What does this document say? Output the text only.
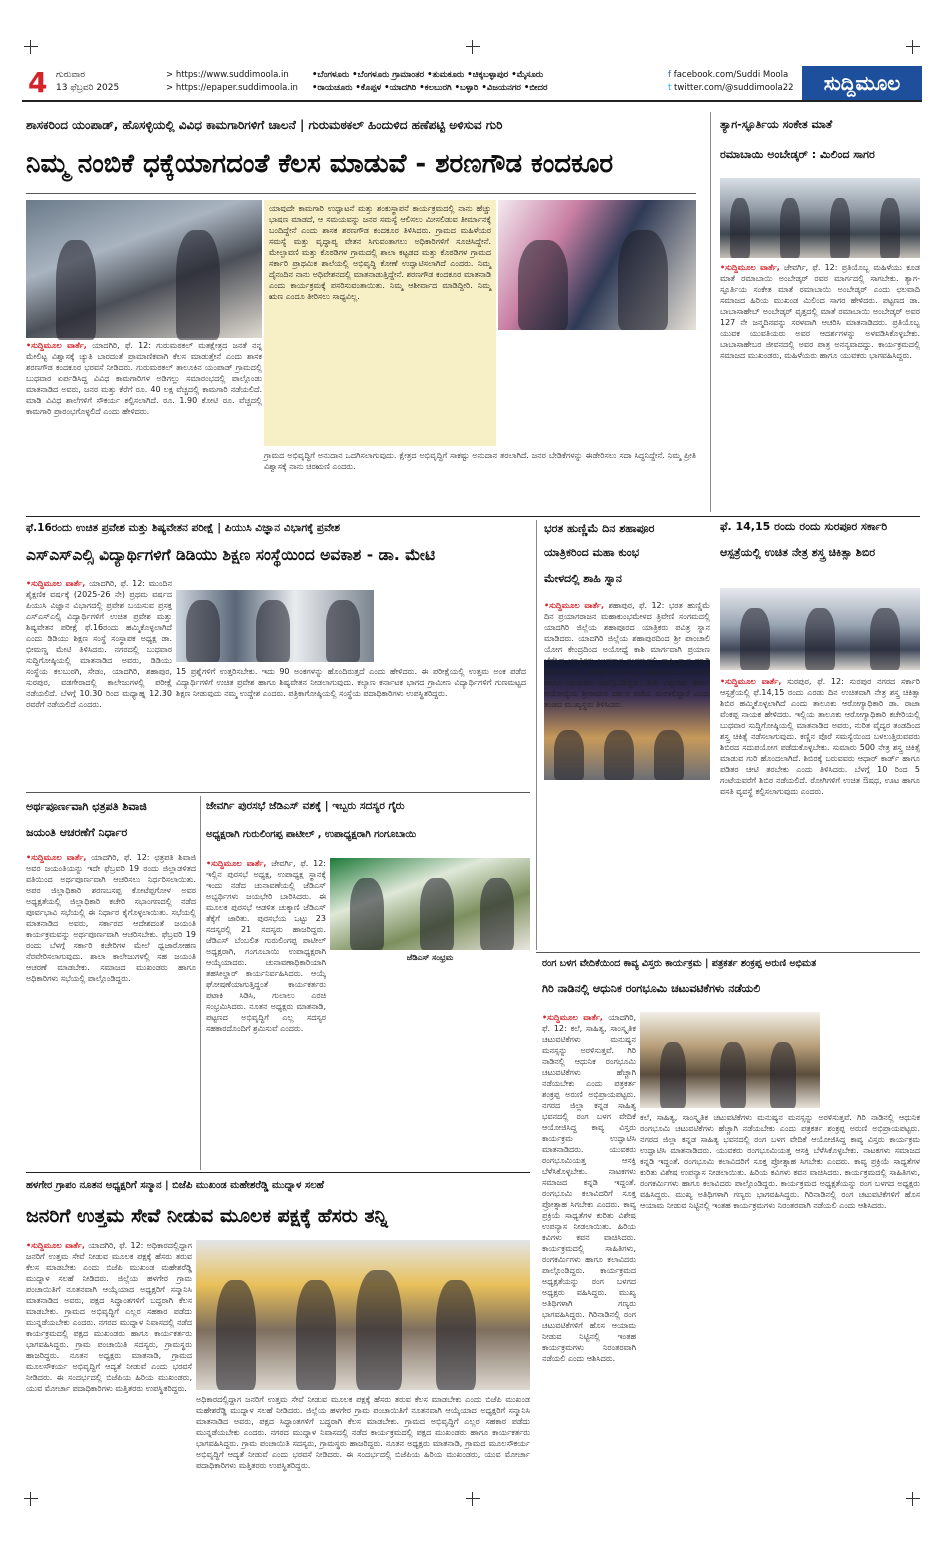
4 ಗುರುವಾರ
13 ಫೆಬ್ರವರಿ 2025
> https://www.suddimoola.in
> https://epaper.suddimoola.in
•ಬೆಂಗಳೂರು •ಬೆಂಗಳೂರು ಗ್ರಾಮಾಂತರ •ತುಮಕೂರು •ಚಿಕ್ಕಬಳ್ಳಾಪುರ •ಮೈಸೂರು
•ರಾಯಚೂರು •ಕೊಪ್ಪಳ •ಯಾದಗಿರಿ •ಕಲಬುರಗಿ •ಬಳ್ಳಾರಿ •ವಿಜಯನಗರ •ಬೀದರ
f facebook.com/Suddi Moola
t twitter.com/@suddimoola22	ಸುದ್ದಿಮೂಲ
ಶಾಸಕರಿಂದ ಯಂಪಾಡ್, ಹೊಸಳ್ಳಿಯಲ್ಲಿ ವಿವಿಧ ಕಾಮಗಾರಿಗಳಿಗೆ ಚಾಲನೆ | ಗುರುಮಠಕಲ್ ಹಿಂದುಳಿದ ಹಣೆಪಟ್ಟಿ ಅಳಿಸುವ ಗುರಿ
ನಿಮ್ಮ ನಂಬಿಕೆ ಧಕ್ಕೆಯಾಗದಂತೆ ಕೆಲಸ ಮಾಡುವೆ - ಶರಣಗೌಡ ಕಂದಕೂರ
ಯಾವುದೇ ಕಾಮಗಾರಿ ಉದ್ಘಾಟನೆ ಮತ್ತು ಶಂಕುಸ್ಥಾಪನೆ ಕಾರ್ಯಕ್ರಮದಲ್ಲಿ ನಾನು ಹೆಚ್ಚು ಭಾಷಣ ಮಾಡದೆ, ಆ ಸಮಯವನ್ನು ಜನರ ಸಮಸ್ಯೆ ಆಲಿಸಲು ಮೀಸಲಿಡುವ ತೀರ್ಮಾನಕ್ಕೆ ಬಂದಿದ್ದೇನೆ ಎಂದು ಶಾಸಕ ಶರಣಗೌಡ ಕಂದಕೂರ ತಿಳಿಸಿದರು. ಗ್ರಾಮದ ಮಹಿಳೆಯರ ಸಮಸ್ಯೆ ಮತ್ತು ವೃದ್ಧಾಪ್ಯ ವೇತನ ಸಿಗುವಂತಾಗಲು ಅಧಿಕಾರಿಗಳಿಗೆ ಸೂಚಿಸಿದ್ದೇನೆ. ಮೇಲ್ಛಾವಣಿ ಮತ್ತು ಕೊಠಡಿಗಳ ಗ್ರಾಮದಲ್ಲಿ ಶಾಲಾ ಕಟ್ಟಡದ ಮತ್ತು ಕೊಠಡಿಗಳ ಗ್ರಾಮದ ಸರ್ಕಾರಿ ಪ್ರಾಥಮಿಕ ಶಾಲೆಯಲ್ಲಿ ಅಭಿವೃದ್ಧಿ ಕೋಣೆ ಉದ್ಘಾಟಿಸಲಾಗಿದೆ ಎಂದರು. ನಿಮ್ಮ ದೈನಂದಿನ ನಾನು ಅಧಿವೇಶನದಲ್ಲಿ ಮಾತನಾಡುತ್ತಿದ್ದೇನೆ. ಶರಣಗೌಡ ಕಂದಕೂರ ಮಾತನಾಡಿ ಎಂದು ಕಾರ್ಯಕ್ರಮಕ್ಕೆ ಪಸರಿಸುವಂತಾಯಿತು. ನಿಮ್ಮ ಆಶೀರ್ವಾದ ಮಾಡಿದ್ದೀರಿ. ನಿಮ್ಮ ಋಣ ಎಂದೂ ತೀರಿಸಲು ಸಾಧ್ಯವಿಲ್ಲ.
•ಸುದ್ದಿಮೂಲ ವಾರ್ತೆ, ಯಾದಗಿರಿ, ಫೆ. 12: ಗುರುಮಠಕಲ್ ಮತಕ್ಷೇತ್ರದ ಜನತೆ ನನ್ನ ಮೇಲಿಟ್ಟ ವಿಶ್ವಾಸಕ್ಕೆ ಚ್ಯುತಿ ಬಾರದಂತೆ ಪ್ರಾಮಾಣಿಕವಾಗಿ ಕೆಲಸ ಮಾಡುತ್ತೇನೆ ಎಂದು ಶಾಸಕ ಶರಣಗೌಡ ಕಂದಕೂರ ಭರವಸೆ ನೀಡಿದರು. ಗುರುಮಠಕಲ್ ತಾಲೂಕಿನ ಯಂಪಾಡ್ ಗ್ರಾಮದಲ್ಲಿ ಬುಧವಾರ ಏರ್ಪಡಿಸಿದ್ದ ವಿವಿಧ ಕಾಮಗಾರಿಗಳ ಅಡಿಗಲ್ಲು ಸಮಾರಂಭದಲ್ಲಿ ಪಾಲ್ಗೊಂಡು ಮಾತನಾಡಿದ ಅವರು, ಜನರ ಮತ್ತು ಕೆರೆಗೆ ರೂ. 40 ಲಕ್ಷ ವೆಚ್ಚದಲ್ಲಿ ಕಾಮಗಾರಿ ನಡೆಯಲಿದೆ. ಮಾಡಿ ವಿವಿಧ ಶಾಲೆಗಳಿಗೆ ಸೌಕರ್ಯ ಕಲ್ಪಿಸಲಾಗಿದೆ. ರೂ. 1.90 ಕೋಟಿ ರೂ. ವೆಚ್ಚದಲ್ಲಿ ಕಾಮಗಾರಿ ಪ್ರಾರಂಭಗೊಳ್ಳಲಿದೆ ಎಂದು ಹೇಳಿದರು.
ಗ್ರಾಮದ ಅಭಿವೃದ್ಧಿಗೆ ಅನುದಾನ ಒದಗಿಸಲಾಗುವುದು. ಕ್ಷೇತ್ರದ ಅಭಿವೃದ್ಧಿಗೆ ಸಾಕಷ್ಟು ಅನುದಾನ ತರಲಾಗಿದೆ. ಜನರ ಬೇಡಿಕೆಗಳನ್ನು ಈಡೇರಿಸಲು ಸದಾ ಸಿದ್ಧನಿದ್ದೇನೆ. ನಿಮ್ಮ ಪ್ರೀತಿ ವಿಶ್ವಾಸಕ್ಕೆ ನಾನು ಚಿರಋಣಿ ಎಂದರು.
ತ್ಯಾಗ-ಸ್ಫೂರ್ತಿಯ ಸಂಕೇತ ಮಾತೆ
ರಮಾಬಾಯಿ ಅಂಬೇಡ್ಕರ್ : ಮಿಲಿಂದ ಸಾಗರ
•ಸುದ್ದಿಮೂಲ ವಾರ್ತೆ, ಜೇವರ್ಗಿ, ಫೆ. 12: ಪ್ರತಿಯೊಬ್ಬ ಮಹಿಳೆಯು ಕೂಡ ಮಾತೆ ರಮಾಬಾಯಿ ಅಂಬೇಡ್ಕರ್ ರವರ ಮಾರ್ಗದಲ್ಲಿ ಸಾಗಬೇಕು. ತ್ಯಾಗ-ಸ್ಫೂರ್ತಿಯ ಸಂಕೇತ ಮಾತೆ ರಮಾಬಾಯಿ ಅಂಬೇಡ್ಕರ್ ಎಂದು ಛಲವಾದಿ ಸಮಾಜದ ಹಿರಿಯ ಮುಖಂಡ ಮಿಲಿಂದ ಸಾಗರ ಹೇಳಿದರು. ಪಟ್ಟಣದ ಡಾ. ಬಾಬಾಸಾಹೇಬ್ ಅಂಬೇಡ್ಕರ್ ವೃತ್ತದಲ್ಲಿ ಮಾತೆ ರಮಾಬಾಯಿ ಅಂಬೇಡ್ಕರ್ ಅವರ 127 ನೇ ಜನ್ಮದಿನವನ್ನು ಸರಳವಾಗಿ ಆಚರಿಸಿ ಮಾತನಾಡಿದರು. ಪ್ರತಿಯೊಬ್ಬ ಯುವಕ ಯುವತಿಯರು ಅವರ ಆದರ್ಶಗಳನ್ನು ಅಳವಡಿಸಿಕೊಳ್ಳಬೇಕು. ಬಾಬಾಸಾಹೇಬರ ಜೀವನದಲ್ಲಿ ಅವರ ಪಾತ್ರ ಅನನ್ಯವಾದದ್ದು. ಕಾರ್ಯಕ್ರಮದಲ್ಲಿ ಸಮಾಜದ ಮುಖಂಡರು, ಮಹಿಳೆಯರು ಹಾಗೂ ಯುವಕರು ಭಾಗವಹಿಸಿದ್ದರು.
ಫೆ.16ರಂದು ಉಚಿತ ಪ್ರವೇಶ ಮತ್ತು ಶಿಷ್ಯವೇತನ ಪರೀಕ್ಷೆ | ಪಿಯುಸಿ ವಿಜ್ಞಾನ ವಿಭಾಗಕ್ಕೆ ಪ್ರವೇಶ
ಎಸ್ಎಸ್ಎಲ್ಸಿ ವಿದ್ಯಾರ್ಥಿಗಳಿಗೆ ಡಿಡಿಯು ಶಿಕ್ಷಣ ಸಂಸ್ಥೆಯಿಂದ ಅವಕಾಶ - ಡಾ. ಮೇಟಿ
•ಸುದ್ದಿಮೂಲ ವಾರ್ತೆ, ಯಾದಗಿರಿ, ಫೆ. 12: ಮುಂದಿನ ಶೈಕ್ಷಣಿಕ ವರ್ಷಕ್ಕೆ (2025-26 ನೇ) ಪ್ರಥಮ ವರ್ಷದ ಪಿಯುಸಿ ವಿಜ್ಞಾನ ವಿಭಾಗದಲ್ಲಿ ಪ್ರವೇಶ ಬಯಸುವ ಪ್ರಸಕ್ತ ಎಸ್ಎಸ್ಎಲ್ಸಿ ವಿದ್ಯಾರ್ಥಿಗಳಿಗೆ ಉಚಿತ ಪ್ರವೇಶ ಮತ್ತು ಶಿಷ್ಯವೇತನ ಪರೀಕ್ಷೆ ಫೆ.16ರಂದು ಹಮ್ಮಿಕೊಳ್ಳಲಾಗಿದೆ ಎಂದು ಡಿಡಿಯು ಶಿಕ್ಷಣ ಸಂಸ್ಥೆ ಸಂಸ್ಥಾಪಕ ಅಧ್ಯಕ್ಷ ಡಾ. ಭೀಮಣ್ಣ ಮೇಟಿ ತಿಳಿಸಿದರು. ನಗರದಲ್ಲಿ ಬುಧವಾರ ಸುದ್ದಿಗೋಷ್ಠಿಯಲ್ಲಿ ಮಾತನಾಡಿದ ಅವರು, ಡಿಡಿಯು ಸಂಸ್ಥೆಯ ಕಲಬುರಗಿ, ಸೇಡಂ, ಯಾದಗಿರಿ, ಶಹಾಪುರ, ಸುರಪುರ, ವಡಗೇರಾದಲ್ಲಿ ಕಾಲೇಜುಗಳಲ್ಲಿ ಪರೀಕ್ಷೆ ನಡೆಯಲಿದೆ. ಬೆಳಗ್ಗೆ 10.30 ರಿಂದ ಮಧ್ಯಾಹ್ನ 12.30 ರವರೆಗೆ ನಡೆಯಲಿದೆ ಎಂದರು.
15 ಪ್ರಶ್ನೆಗಳಿಗೆ ಉತ್ತರಿಸಬೇಕು. ಇದು 90 ಅಂಕಗಳನ್ನು ಹೊಂದಿರುತ್ತದೆ ಎಂದು ಹೇಳಿದರು. ಈ ಪರೀಕ್ಷೆಯಲ್ಲಿ ಉತ್ತಮ ಅಂಕ ಪಡೆದ ವಿದ್ಯಾರ್ಥಿಗಳಿಗೆ ಉಚಿತ ಪ್ರವೇಶ ಹಾಗೂ ಶಿಷ್ಯವೇತನ ನೀಡಲಾಗುವುದು. ಕಲ್ಯಾಣ ಕರ್ನಾಟಕ ಭಾಗದ ಗ್ರಾಮೀಣ ವಿದ್ಯಾರ್ಥಿಗಳಿಗೆ ಗುಣಮಟ್ಟದ ಶಿಕ್ಷಣ ನೀಡುವುದು ನಮ್ಮ ಉದ್ದೇಶ ಎಂದರು. ಪತ್ರಿಕಾಗೋಷ್ಠಿಯಲ್ಲಿ ಸಂಸ್ಥೆಯ ಪದಾಧಿಕಾರಿಗಳು ಉಪಸ್ಥಿತರಿದ್ದರು.
ಭರತ ಹುಣ್ಣಿಮೆ ದಿನ ಶಹಾಪೂರ
ಯಾತ್ರಿಕರಿಂದ ಮಹಾ ಕುಂಭ
ಮೇಳದಲ್ಲಿ ಶಾಹಿ ಸ್ನಾನ
•ಸುದ್ದಿಮೂಲ ವಾರ್ತೆ, ಶಹಾಪುರ, ಫೆ. 12: ಭರತ ಹುಣ್ಣಿಮೆ ದಿನ ಪ್ರಯಾಗರಾಜನ ಮಹಾಕುಂಭಮೇಳದ ತ್ರಿವೇಣಿ ಸಂಗಮದಲ್ಲಿ ಯಾದಗಿರಿ ಜಿಲ್ಲೆಯ ಶಹಾಪೂರದ ಯಾತ್ರಿಕರು ಪವಿತ್ರ ಸ್ನಾನ ಮಾಡಿದರು. ಯಾದಗಿರಿ ಜಿಲ್ಲೆಯ ಶಹಾಪುರದಿಂದ ಶ್ರೀ ಪಾಂಚಾಲಿ ಯೋಗ ಕೇಂದ್ರದಿಂದ ಅಯೋಧ್ಯೆ ಕಾಶಿ ಮಾರ್ಗವಾಗಿ ಪ್ರಯಾಣ ಬೆಳೆಸಿದ ಯಾತ್ರಿಕರು ಬುಧವಾರ ಸಂಗಮದಲ್ಲಿ ಶಾಹಿ ಸ್ನಾನ ಮಾಡಿ ಪುನೀತರಾದರು. ಯಾತ್ರಿಕರ ತಂಡದಲ್ಲಿ ಮಹಿಳೆಯರು, ಹಿರಿಯರು ಹಾಗೂ ಯುವಕರು ಪಾಲ್ಗೊಂಡಿದ್ದರು. ಕಾಶಿ ವಿಶ್ವನಾಥ ಹಾಗೂ ಅಯೋಧ್ಯೆಯ ಶ್ರೀರಾಮನ ದರ್ಶನ ಪಡೆದು ಮರಳಲಿದ್ದಾರೆ ಎಂದು ತಂಡದ ಮುಖ್ಯಸ್ಥರು ತಿಳಿಸಿದರು.
ಫೆ. 14,15 ರಂದು ರಂದು ಸುರಪೂರ ಸರ್ಕಾರಿ
ಆಸ್ಪತ್ರೆಯಲ್ಲಿ ಉಚಿತ ನೇತ್ರ ಶಸ್ತ್ರ ಚಿಕಿತ್ಸಾ ಶಿಬಿರ
•ಸುದ್ದಿಮೂಲ ವಾರ್ತೆ, ಸುರಪುರ, ಫೆ. 12: ಸುರಪುರ ನಗರದ ಸರ್ಕಾರಿ ಆಸ್ಪತ್ರೆಯಲ್ಲಿ ಫೆ.14,15 ರಂದು ಎರಡು ದಿನ ಉಚಿತವಾಗಿ ನೇತ್ರ ಶಸ್ತ್ರ ಚಿಕಿತ್ಸಾ ಶಿಬಿರ ಹಮ್ಮಿಕೊಳ್ಳಲಾಗಿದೆ ಎಂದು ತಾಲೂಕು ಆರೋಗ್ಯಾಧಿಕಾರಿ ಡಾ. ರಾಜಾ ವೆಂಕಪ್ಪ ನಾಯಕ ಹೇಳಿದರು. ಇಲ್ಲಿಯ ತಾಲೂಕು ಆರೋಗ್ಯಾಧಿಕಾರಿ ಕಚೇರಿಯಲ್ಲಿ ಬುಧವಾರ ಸುದ್ದಿಗೋಷ್ಠಿಯಲ್ಲಿ ಮಾತನಾಡಿದ ಅವರು, ನುರಿತ ವೈದ್ಯರ ತಂಡದಿಂದ ಶಸ್ತ್ರ ಚಿಕಿತ್ಸೆ ನಡೆಸಲಾಗುವುದು. ಕಣ್ಣಿನ ಪೊರೆ ಸಮಸ್ಯೆಯಿಂದ ಬಳಲುತ್ತಿರುವವರು ಶಿಬಿರದ ಸದುಪಯೋಗ ಪಡೆದುಕೊಳ್ಳಬೇಕು. ಸುಮಾರು 500 ನೇತ್ರ ಶಸ್ತ್ರ ಚಿಕಿತ್ಸೆ ಮಾಡುವ ಗುರಿ ಹೊಂದಲಾಗಿದೆ. ಶಿಬಿರಕ್ಕೆ ಬರುವವರು ಆಧಾರ್ ಕಾರ್ಡ್ ಹಾಗೂ ಪಡಿತರ ಚೀಟಿ ತರಬೇಕು ಎಂದು ತಿಳಿಸಿದರು. ಬೆಳಗ್ಗೆ 10 ರಿಂದ 5 ಗಂಟೆಯವರೆಗೆ ಶಿಬಿರ ನಡೆಯಲಿದೆ. ರೋಗಿಗಳಿಗೆ ಉಚಿತ ಔಷಧ, ಊಟ ಹಾಗೂ ವಸತಿ ವ್ಯವಸ್ಥೆ ಕಲ್ಪಿಸಲಾಗುವುದು ಎಂದರು.
ಅರ್ಥಪೂರ್ಣವಾಗಿ ಛತ್ರಪತಿ ಶಿವಾಜಿ
ಜಯಂತಿ ಆಚರಣೆಗೆ ನಿರ್ಧಾರ
•ಸುದ್ದಿಮೂಲ ವಾರ್ತೆ, ಯಾದಗಿರಿ, ಫೆ. 12: ಛತ್ರಪತಿ ಶಿವಾಜಿ ಅವರ ಜಯಂತಿಯನ್ನು ಇದೇ ಫೆಬ್ರವರಿ 19 ರಂದು ಜಿಲ್ಲಾಡಳಿತದ ವತಿಯಿಂದ ಅರ್ಥಪೂರ್ಣವಾಗಿ ಆಚರಿಸಲು ನಿರ್ಧರಿಸಲಾಯಿತು. ಅಪರ ಜಿಲ್ಲಾಧಿಕಾರಿ ಶರಣಬಸಪ್ಪ ಕೋಟೆಪ್ಪಗೋಳ ಅವರ ಅಧ್ಯಕ್ಷತೆಯಲ್ಲಿ ಜಿಲ್ಲಾಧಿಕಾರಿ ಕಚೇರಿ ಸಭಾಂಗಣದಲ್ಲಿ ನಡೆದ ಪೂರ್ವಭಾವಿ ಸಭೆಯಲ್ಲಿ ಈ ನಿರ್ಧಾರ ಕೈಗೊಳ್ಳಲಾಯಿತು. ಸಭೆಯಲ್ಲಿ ಮಾತನಾಡಿದ ಅವರು, ಸರ್ಕಾರದ ಆದೇಶದಂತೆ ಜಯಂತಿ ಕಾರ್ಯಕ್ರಮವನ್ನು ಅರ್ಥಪೂರ್ಣವಾಗಿ ಆಚರಿಸಬೇಕು. ಫೆಬ್ರವರಿ 19 ರಂದು ಬೆಳಗ್ಗೆ ಸರ್ಕಾರಿ ಕಚೇರಿಗಳ ಮೇಲೆ ಧ್ವಜಾರೋಹಣ ನೆರವೇರಿಸಲಾಗುವುದು. ಶಾಲಾ ಕಾಲೇಜುಗಳಲ್ಲಿ ಸಹ ಜಯಂತಿ ಆಚರಣೆ ಮಾಡಬೇಕು. ಸಮಾಜದ ಮುಖಂಡರು ಹಾಗೂ ಅಧಿಕಾರಿಗಳು ಸಭೆಯಲ್ಲಿ ಪಾಲ್ಗೊಂಡಿದ್ದರು.
ಜೇವರ್ಗಿ ಪುರಸಭೆ ಜೆಡಿಎಸ್ ವಶಕ್ಕೆ | ಇಬ್ಬರು ಸದಸ್ಯರ ಗೈರು
ಅಧ್ಯಕ್ಷರಾಗಿ ಗುರುಲಿಂಗಪ್ಪ ಪಾಟೀಲ್ , ಉಪಾಧ್ಯಕ್ಷರಾಗಿ ಗಂಗೂಬಾಯಿ
ಜೆಡಿಎಸ್ ಸಂಭ್ರಮ
•ಸುದ್ದಿಮೂಲ ವಾರ್ತೆ, ಜೇವರ್ಗಿ, ಫೆ. 12: ಇಲ್ಲಿನ ಪುರಸಭೆ ಅಧ್ಯಕ್ಷ, ಉಪಾಧ್ಯಕ್ಷ ಸ್ಥಾನಕ್ಕೆ ಇಂದು ನಡೆದ ಚುನಾವಣೆಯಲ್ಲಿ ಜೆಡಿಎಸ್ ಅಭ್ಯರ್ಥಿಗಳು ಜಯಭೇರಿ ಬಾರಿಸಿದರು. ಈ ಮೂಲಕ ಪುರಸಭೆ ಆಡಳಿತ ಚುಕ್ಕಾಣಿ ಜೆಡಿಎಸ್ ತೆಕ್ಕೆಗೆ ಜಾರಿತು. ಪುರಸಭೆಯ ಒಟ್ಟು 23 ಸದಸ್ಯರಲ್ಲಿ 21 ಸದಸ್ಯರು ಹಾಜರಿದ್ದರು. ಜೆಡಿಎಸ್ ಬೆಂಬಲಿತ ಗುರುಲಿಂಗಪ್ಪ ಪಾಟೀಲ್ ಅಧ್ಯಕ್ಷರಾಗಿ, ಗಂಗೂಬಾಯಿ ಉಪಾಧ್ಯಕ್ಷರಾಗಿ ಆಯ್ಕೆಯಾದರು. ಚುನಾವಣಾಧಿಕಾರಿಯಾಗಿ ತಹಸೀಲ್ದಾರ್ ಕಾರ್ಯನಿರ್ವಹಿಸಿದರು. ಆಯ್ಕೆ ಘೋಷಣೆಯಾಗುತ್ತಿದ್ದಂತೆ ಕಾರ್ಯಕರ್ತರು ಪಟಾಕಿ ಸಿಡಿಸಿ, ಗುಲಾಲು ಎರಚಿ ಸಂಭ್ರಮಿಸಿದರು. ನೂತನ ಅಧ್ಯಕ್ಷರು ಮಾತನಾಡಿ, ಪಟ್ಟಣದ ಅಭಿವೃದ್ಧಿಗೆ ಎಲ್ಲ ಸದಸ್ಯರ ಸಹಕಾರದೊಂದಿಗೆ ಶ್ರಮಿಸುವೆ ಎಂದರು.
ರಂಗ ಬಳಗ ವೇದಿಕೆಯಿಂದ ಕಾವ್ಯ ವಿಸ್ತರು ಕಾರ್ಯಕ್ರಮ | ಪತ್ರಕರ್ತ ಶಂಕ್ರಪ್ಪ ಅರುಣಿ ಅಭಿಮತ
ಗಿರಿ ನಾಡಿನಲ್ಲಿ ಆಧುನಿಕ ರಂಗಭೂಮಿ ಚಟುವಟಿಕೆಗಳು ನಡೆಯಲಿ
•ಸುದ್ದಿಮೂಲ ವಾರ್ತೆ, ಯಾದಗಿರಿ, ಫೆ. 12: ಕಲೆ, ಸಾಹಿತ್ಯ, ಸಾಂಸ್ಕೃತಿಕ ಚಟುವಟಿಕೆಗಳು ಮನುಷ್ಯನ ಮನಸ್ಸನ್ನು ಅರಳಿಸುತ್ತವೆ. ಗಿರಿ ನಾಡಿನಲ್ಲಿ ಆಧುನಿಕ ರಂಗಭೂಮಿ ಚಟುವಟಿಕೆಗಳು ಹೆಚ್ಚಾಗಿ ನಡೆಯಬೇಕು ಎಂದು ಪತ್ರಕರ್ತ ಶಂಕ್ರಪ್ಪ ಅರುಣಿ ಅಭಿಪ್ರಾಯಪಟ್ಟರು. ನಗರದ ಜಿಲ್ಲಾ ಕನ್ನಡ ಸಾಹಿತ್ಯ ಭವನದಲ್ಲಿ ರಂಗ ಬಳಗ ವೇದಿಕೆ ಆಯೋಜಿಸಿದ್ದ ಕಾವ್ಯ ವಿಸ್ತರು ಕಾರ್ಯಕ್ರಮ ಉದ್ಘಾಟಿಸಿ ಮಾತನಾಡಿದರು. ಯುವಕರು ರಂಗಭೂಮಿಯತ್ತ ಆಸಕ್ತಿ ಬೆಳೆಸಿಕೊಳ್ಳಬೇಕು. ನಾಟಕಗಳು ಸಮಾಜದ ಕನ್ನಡಿ ಇದ್ದಂತೆ. ರಂಗಭೂಮಿ ಕಲಾವಿದರಿಗೆ ಸೂಕ್ತ ಪ್ರೋತ್ಸಾಹ ಸಿಗಬೇಕು ಎಂದರು. ಕಾವ್ಯ ಪ್ರಕ್ರಿಯೆ ಸಾಧ್ಯತೆಗಳ ಕುರಿತು ವಿಶೇಷ ಉಪನ್ಯಾಸ ನೀಡಲಾಯಿತು. ಹಿರಿಯ ಕವಿಗಳು ಕವನ ವಾಚಿಸಿದರು. ಕಾರ್ಯಕ್ರಮದಲ್ಲಿ ಸಾಹಿತಿಗಳು, ರಂಗಕರ್ಮಿಗಳು ಹಾಗೂ ಕಲಾವಿದರು ಪಾಲ್ಗೊಂಡಿದ್ದರು. ಕಾರ್ಯಕ್ರಮದ ಅಧ್ಯಕ್ಷತೆಯನ್ನು ರಂಗ ಬಳಗದ ಅಧ್ಯಕ್ಷರು ವಹಿಸಿದ್ದರು. ಮುಖ್ಯ ಅತಿಥಿಗಳಾಗಿ ಗಣ್ಯರು ಭಾಗವಹಿಸಿದ್ದರು. ಗಿರಿನಾಡಿನಲ್ಲಿ ರಂಗ ಚಟುವಟಿಕೆಗಳಿಗೆ ಹೊಸ ಆಯಾಮ ನೀಡುವ ನಿಟ್ಟಿನಲ್ಲಿ ಇಂತಹ ಕಾರ್ಯಕ್ರಮಗಳು ನಿರಂತರವಾಗಿ ನಡೆಯಲಿ ಎಂದು ಆಶಿಸಿದರು.
ಕಲೆ, ಸಾಹಿತ್ಯ, ಸಾಂಸ್ಕೃತಿಕ ಚಟುವಟಿಕೆಗಳು ಮನುಷ್ಯನ ಮನಸ್ಸನ್ನು ಅರಳಿಸುತ್ತವೆ. ಗಿರಿ ನಾಡಿನಲ್ಲಿ ಆಧುನಿಕ ರಂಗಭೂಮಿ ಚಟುವಟಿಕೆಗಳು ಹೆಚ್ಚಾಗಿ ನಡೆಯಬೇಕು ಎಂದು ಪತ್ರಕರ್ತ ಶಂಕ್ರಪ್ಪ ಅರುಣಿ ಅಭಿಪ್ರಾಯಪಟ್ಟರು. ನಗರದ ಜಿಲ್ಲಾ ಕನ್ನಡ ಸಾಹಿತ್ಯ ಭವನದಲ್ಲಿ ರಂಗ ಬಳಗ ವೇದಿಕೆ ಆಯೋಜಿಸಿದ್ದ ಕಾವ್ಯ ವಿಸ್ತರು ಕಾರ್ಯಕ್ರಮ ಉದ್ಘಾಟಿಸಿ ಮಾತನಾಡಿದರು. ಯುವಕರು ರಂಗಭೂಮಿಯತ್ತ ಆಸಕ್ತಿ ಬೆಳೆಸಿಕೊಳ್ಳಬೇಕು. ನಾಟಕಗಳು ಸಮಾಜದ ಕನ್ನಡಿ ಇದ್ದಂತೆ. ರಂಗಭೂಮಿ ಕಲಾವಿದರಿಗೆ ಸೂಕ್ತ ಪ್ರೋತ್ಸಾಹ ಸಿಗಬೇಕು ಎಂದರು. ಕಾವ್ಯ ಪ್ರಕ್ರಿಯೆ ಸಾಧ್ಯತೆಗಳ ಕುರಿತು ವಿಶೇಷ ಉಪನ್ಯಾಸ ನೀಡಲಾಯಿತು. ಹಿರಿಯ ಕವಿಗಳು ಕವನ ವಾಚಿಸಿದರು. ಕಾರ್ಯಕ್ರಮದಲ್ಲಿ ಸಾಹಿತಿಗಳು, ರಂಗಕರ್ಮಿಗಳು ಹಾಗೂ ಕಲಾವಿದರು ಪಾಲ್ಗೊಂಡಿದ್ದರು. ಕಾರ್ಯಕ್ರಮದ ಅಧ್ಯಕ್ಷತೆಯನ್ನು ರಂಗ ಬಳಗದ ಅಧ್ಯಕ್ಷರು ವಹಿಸಿದ್ದರು. ಮುಖ್ಯ ಅತಿಥಿಗಳಾಗಿ ಗಣ್ಯರು ಭಾಗವಹಿಸಿದ್ದರು. ಗಿರಿನಾಡಿನಲ್ಲಿ ರಂಗ ಚಟುವಟಿಕೆಗಳಿಗೆ ಹೊಸ ಆಯಾಮ ನೀಡುವ ನಿಟ್ಟಿನಲ್ಲಿ ಇಂತಹ ಕಾರ್ಯಕ್ರಮಗಳು ನಿರಂತರವಾಗಿ ನಡೆಯಲಿ ಎಂದು ಆಶಿಸಿದರು.
ಹಳಗೇರ ಗ್ರಾಪಂ ನೂತನ ಅಧ್ಯಕ್ಷರಿಗೆ ಸನ್ಮಾನ | ಬಿಜೆಪಿ ಮುಖಂಡ ಮಹೇಶರೆಡ್ಡಿ ಮುದ್ನಾಳ ಸಲಹೆ
ಜನರಿಗೆ ಉತ್ತಮ ಸೇವೆ ನೀಡುವ ಮೂಲಕ ಪಕ್ಷಕ್ಕೆ ಹೆಸರು ತನ್ನಿ
•ಸುದ್ದಿಮೂಲ ವಾರ್ತೆ, ಯಾದಗಿರಿ, ಫೆ. 12: ಅಧಿಕಾರದಲ್ಲಿದ್ದಾಗ ಜನರಿಗೆ ಉತ್ತಮ ಸೇವೆ ನೀಡುವ ಮೂಲಕ ಪಕ್ಷಕ್ಕೆ ಹೆಸರು ತರುವ ಕೆಲಸ ಮಾಡಬೇಕು ಎಂದು ಬಿಜೆಪಿ ಮುಖಂಡ ಮಹೇಶರೆಡ್ಡಿ ಮುದ್ನಾಳ ಸಲಹೆ ನೀಡಿದರು. ಜಿಲ್ಲೆಯ ಹಳಗೇರ ಗ್ರಾಮ ಪಂಚಾಯಿತಿಗೆ ನೂತನವಾಗಿ ಆಯ್ಕೆಯಾದ ಅಧ್ಯಕ್ಷರಿಗೆ ಸನ್ಮಾನಿಸಿ ಮಾತನಾಡಿದ ಅವರು, ಪಕ್ಷದ ಸಿದ್ಧಾಂತಗಳಿಗೆ ಬದ್ಧರಾಗಿ ಕೆಲಸ ಮಾಡಬೇಕು. ಗ್ರಾಮದ ಅಭಿವೃದ್ಧಿಗೆ ಎಲ್ಲರ ಸಹಕಾರ ಪಡೆದು ಮುನ್ನಡೆಯಬೇಕು ಎಂದರು. ನಗರದ ಮುದ್ನಾಳ ನಿವಾಸದಲ್ಲಿ ನಡೆದ ಕಾರ್ಯಕ್ರಮದಲ್ಲಿ ಪಕ್ಷದ ಮುಖಂಡರು ಹಾಗೂ ಕಾರ್ಯಕರ್ತರು ಭಾಗವಹಿಸಿದ್ದರು. ಗ್ರಾಮ ಪಂಚಾಯಿತಿ ಸದಸ್ಯರು, ಗ್ರಾಮಸ್ಥರು ಹಾಜರಿದ್ದರು. ನೂತನ ಅಧ್ಯಕ್ಷರು ಮಾತನಾಡಿ, ಗ್ರಾಮದ ಮೂಲಸೌಕರ್ಯ ಅಭಿವೃದ್ಧಿಗೆ ಆದ್ಯತೆ ನೀಡುವೆ ಎಂದು ಭರವಸೆ ನೀಡಿದರು. ಈ ಸಂದರ್ಭದಲ್ಲಿ ಬಿಜೆಪಿಯ ಹಿರಿಯ ಮುಖಂಡರು, ಯುವ ಮೋರ್ಚಾ ಪದಾಧಿಕಾರಿಗಳು ಮತ್ತಿತರರು ಉಪಸ್ಥಿತರಿದ್ದರು.
ಅಧಿಕಾರದಲ್ಲಿದ್ದಾಗ ಜನರಿಗೆ ಉತ್ತಮ ಸೇವೆ ನೀಡುವ ಮೂಲಕ ಪಕ್ಷಕ್ಕೆ ಹೆಸರು ತರುವ ಕೆಲಸ ಮಾಡಬೇಕು ಎಂದು ಬಿಜೆಪಿ ಮುಖಂಡ ಮಹೇಶರೆಡ್ಡಿ ಮುದ್ನಾಳ ಸಲಹೆ ನೀಡಿದರು. ಜಿಲ್ಲೆಯ ಹಳಗೇರ ಗ್ರಾಮ ಪಂಚಾಯಿತಿಗೆ ನೂತನವಾಗಿ ಆಯ್ಕೆಯಾದ ಅಧ್ಯಕ್ಷರಿಗೆ ಸನ್ಮಾನಿಸಿ ಮಾತನಾಡಿದ ಅವರು, ಪಕ್ಷದ ಸಿದ್ಧಾಂತಗಳಿಗೆ ಬದ್ಧರಾಗಿ ಕೆಲಸ ಮಾಡಬೇಕು. ಗ್ರಾಮದ ಅಭಿವೃದ್ಧಿಗೆ ಎಲ್ಲರ ಸಹಕಾರ ಪಡೆದು ಮುನ್ನಡೆಯಬೇಕು ಎಂದರು. ನಗರದ ಮುದ್ನಾಳ ನಿವಾಸದಲ್ಲಿ ನಡೆದ ಕಾರ್ಯಕ್ರಮದಲ್ಲಿ ಪಕ್ಷದ ಮುಖಂಡರು ಹಾಗೂ ಕಾರ್ಯಕರ್ತರು ಭಾಗವಹಿಸಿದ್ದರು. ಗ್ರಾಮ ಪಂಚಾಯಿತಿ ಸದಸ್ಯರು, ಗ್ರಾಮಸ್ಥರು ಹಾಜರಿದ್ದರು. ನೂತನ ಅಧ್ಯಕ್ಷರು ಮಾತನಾಡಿ, ಗ್ರಾಮದ ಮೂಲಸೌಕರ್ಯ ಅಭಿವೃದ್ಧಿಗೆ ಆದ್ಯತೆ ನೀಡುವೆ ಎಂದು ಭರವಸೆ ನೀಡಿದರು. ಈ ಸಂದರ್ಭದಲ್ಲಿ ಬಿಜೆಪಿಯ ಹಿರಿಯ ಮುಖಂಡರು, ಯುವ ಮೋರ್ಚಾ ಪದಾಧಿಕಾರಿಗಳು ಮತ್ತಿತರರು ಉಪಸ್ಥಿತರಿದ್ದರು.
